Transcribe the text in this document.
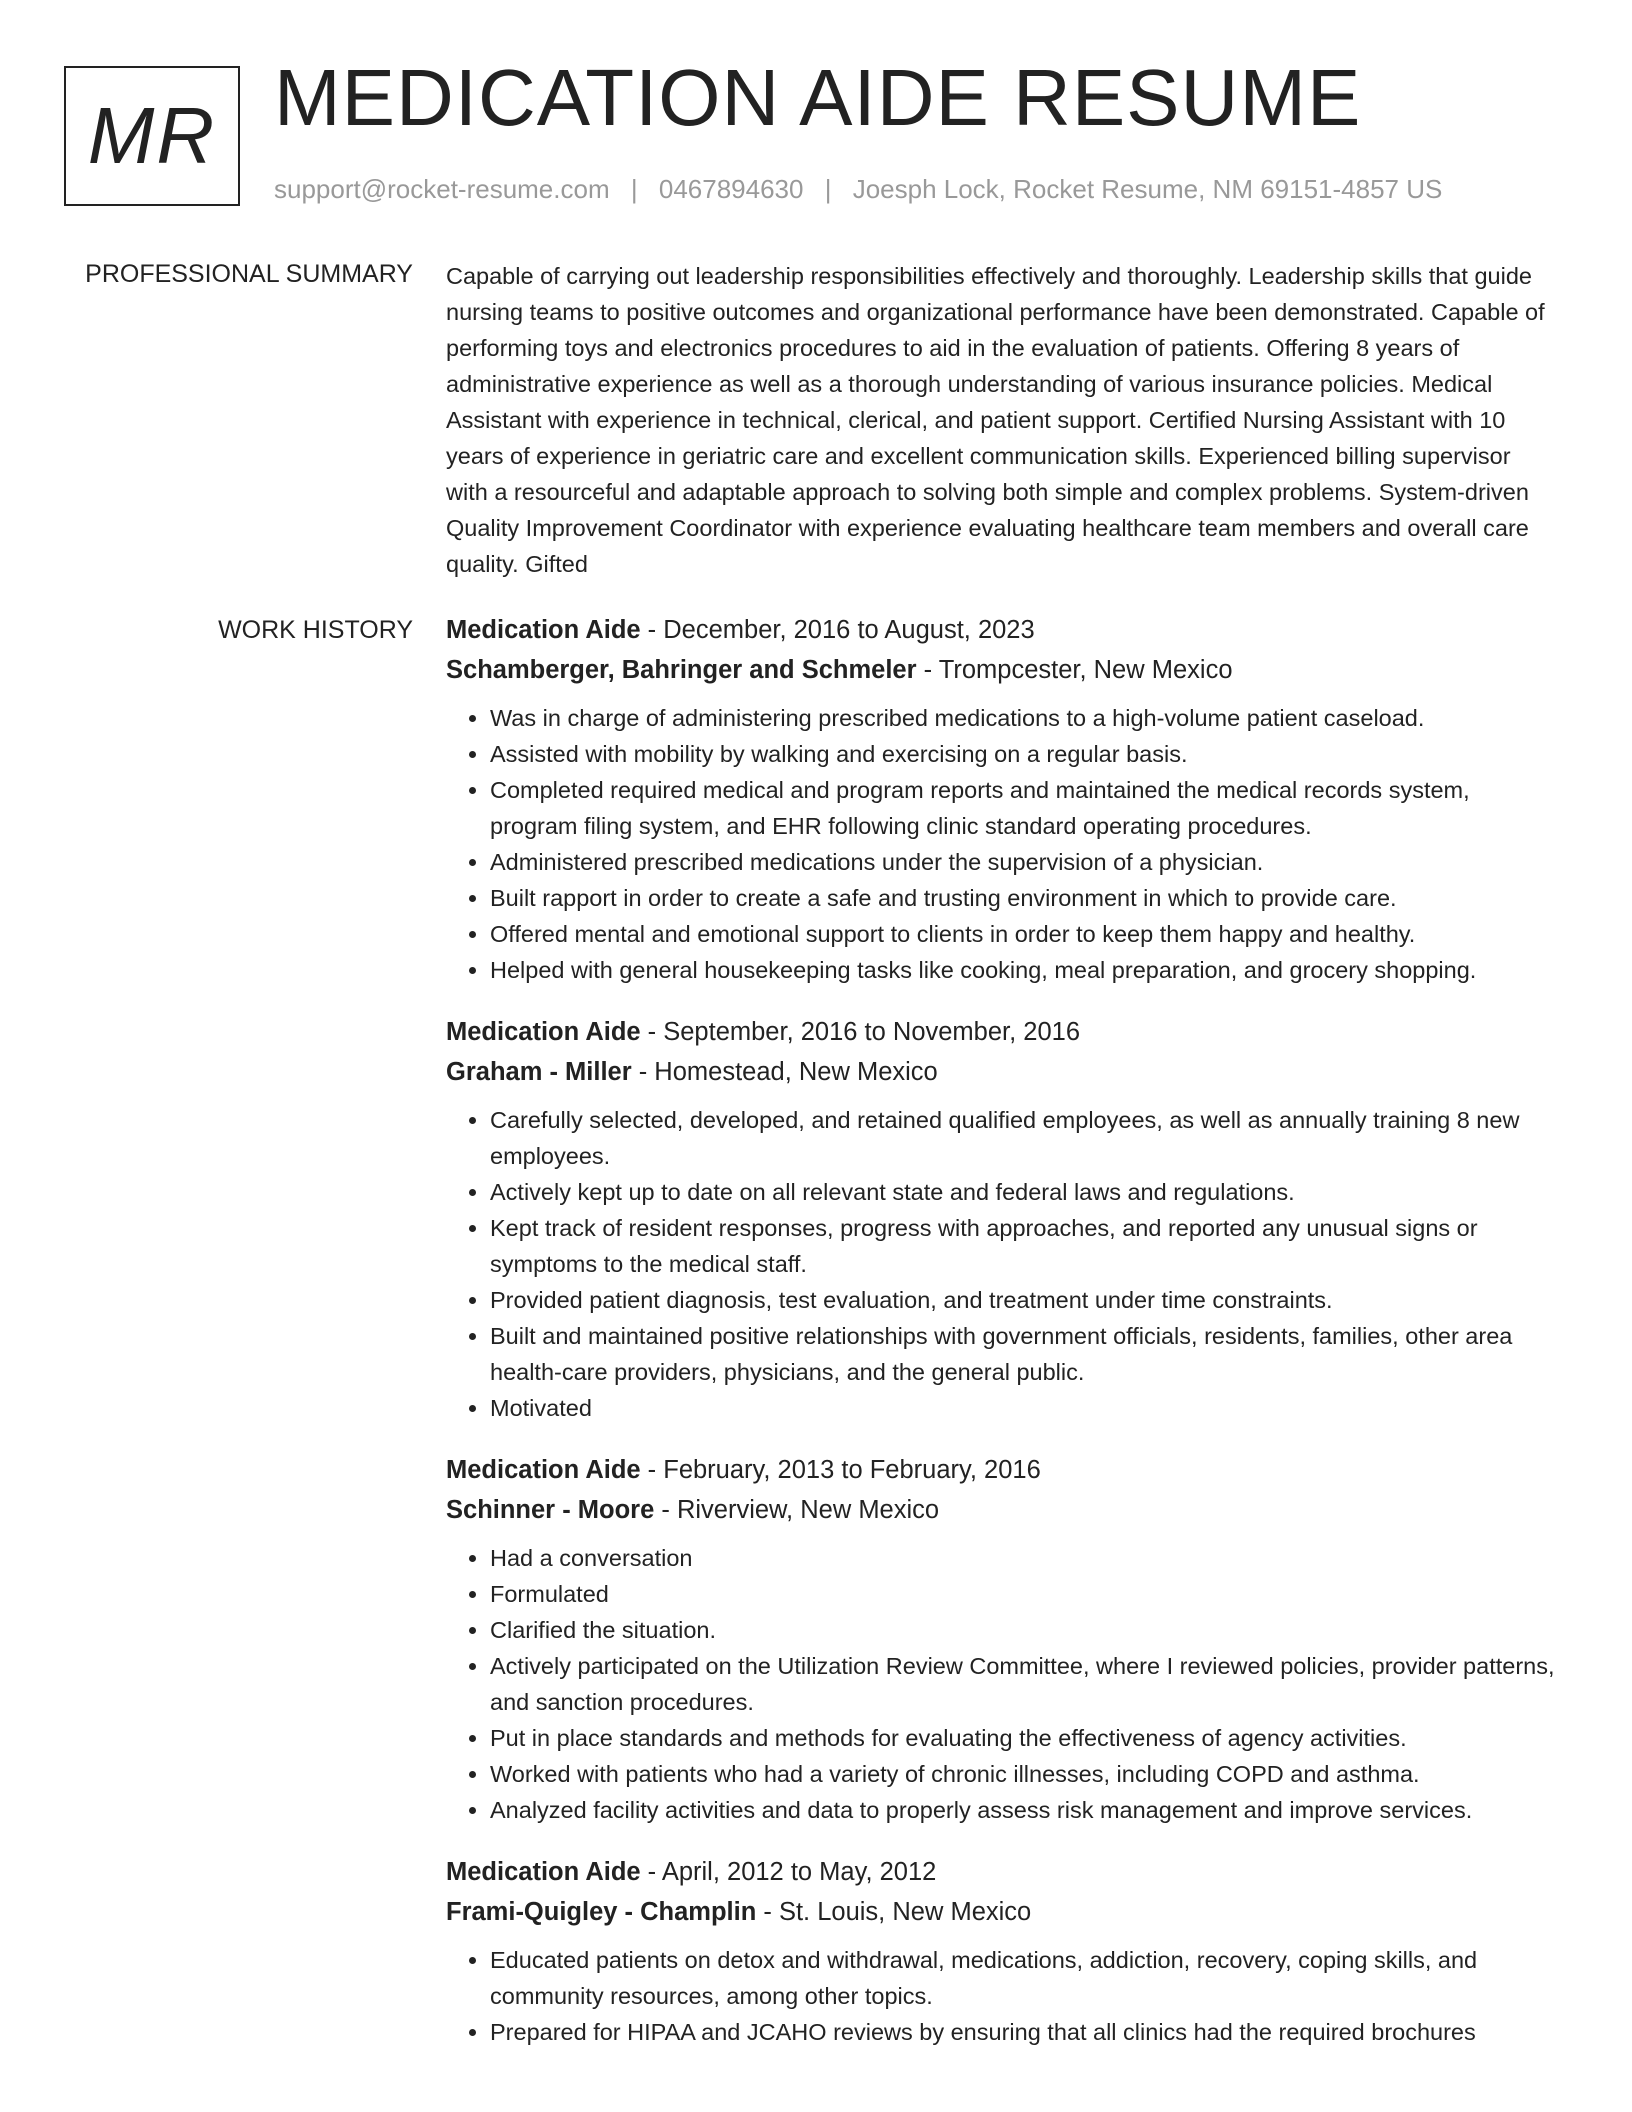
MR MEDICATION AIDE RESUME
support@rocket-resume.com | 0467894630 | Joesph Lock, Rocket Resume, NM 69151-4857 US
PROFESSIONAL SUMMARY Capable of carrying out leadership responsibilities effectively and thoroughly. Leadership skills that guide nursing teams to positive outcomes and organizational performance have been demonstrated. Capable of performing toys and electronics procedures to aid in the evaluation of patients. Offering 8 years of administrative experience as well as a thorough understanding of various insurance policies. Medical Assistant with experience in technical, clerical, and patient support. Certified Nursing Assistant with 10 years of experience in geriatric care and excellent communication skills. Experienced billing supervisor with a resourceful and adaptable approach to solving both simple and complex problems. System-driven Quality Improvement Coordinator with experience evaluating healthcare team members and overall care quality. Gifted

WORK HISTORY Medication Aide - December, 2016 to August, 2023
Schamberger, Bahringer and Schmeler - Trompcester, New Mexico
• Was in charge of administering prescribed medications to a high-volume patient caseload.
• Assisted with mobility by walking and exercising on a regular basis.
• Completed required medical and program reports and maintained the medical records system, program filing system, and EHR following clinic standard operating procedures.
• Administered prescribed medications under the supervision of a physician.
• Built rapport in order to create a safe and trusting environment in which to provide care.
• Offered mental and emotional support to clients in order to keep them happy and healthy.
• Helped with general housekeeping tasks like cooking, meal preparation, and grocery shopping.
Medication Aide - September, 2016 to November, 2016
Graham - Miller - Homestead, New Mexico
• Carefully selected, developed, and retained qualified employees, as well as annually training 8 new employees.
• Actively kept up to date on all relevant state and federal laws and regulations.
• Kept track of resident responses, progress with approaches, and reported any unusual signs or symptoms to the medical staff.
• Provided patient diagnosis, test evaluation, and treatment under time constraints.
• Built and maintained positive relationships with government officials, residents, families, other area health-care providers, physicians, and the general public.
• Motivated
Medication Aide - February, 2013 to February, 2016
Schinner - Moore - Riverview, New Mexico
• Had a conversation
• Formulated
• Clarified the situation.
• Actively participated on the Utilization Review Committee, where I reviewed policies, provider patterns, and sanction procedures.
• Put in place standards and methods for evaluating the effectiveness of agency activities.
• Worked with patients who had a variety of chronic illnesses, including COPD and asthma.
• Analyzed facility activities and data to properly assess risk management and improve services.
Medication Aide - April, 2012 to May, 2012
Frami-Quigley - Champlin - St. Louis, New Mexico
• Educated patients on detox and withdrawal, medications, addiction, recovery, coping skills, and community resources, among other topics.
• Prepared for HIPAA and JCAHO reviews by ensuring that all clinics had the required brochures
